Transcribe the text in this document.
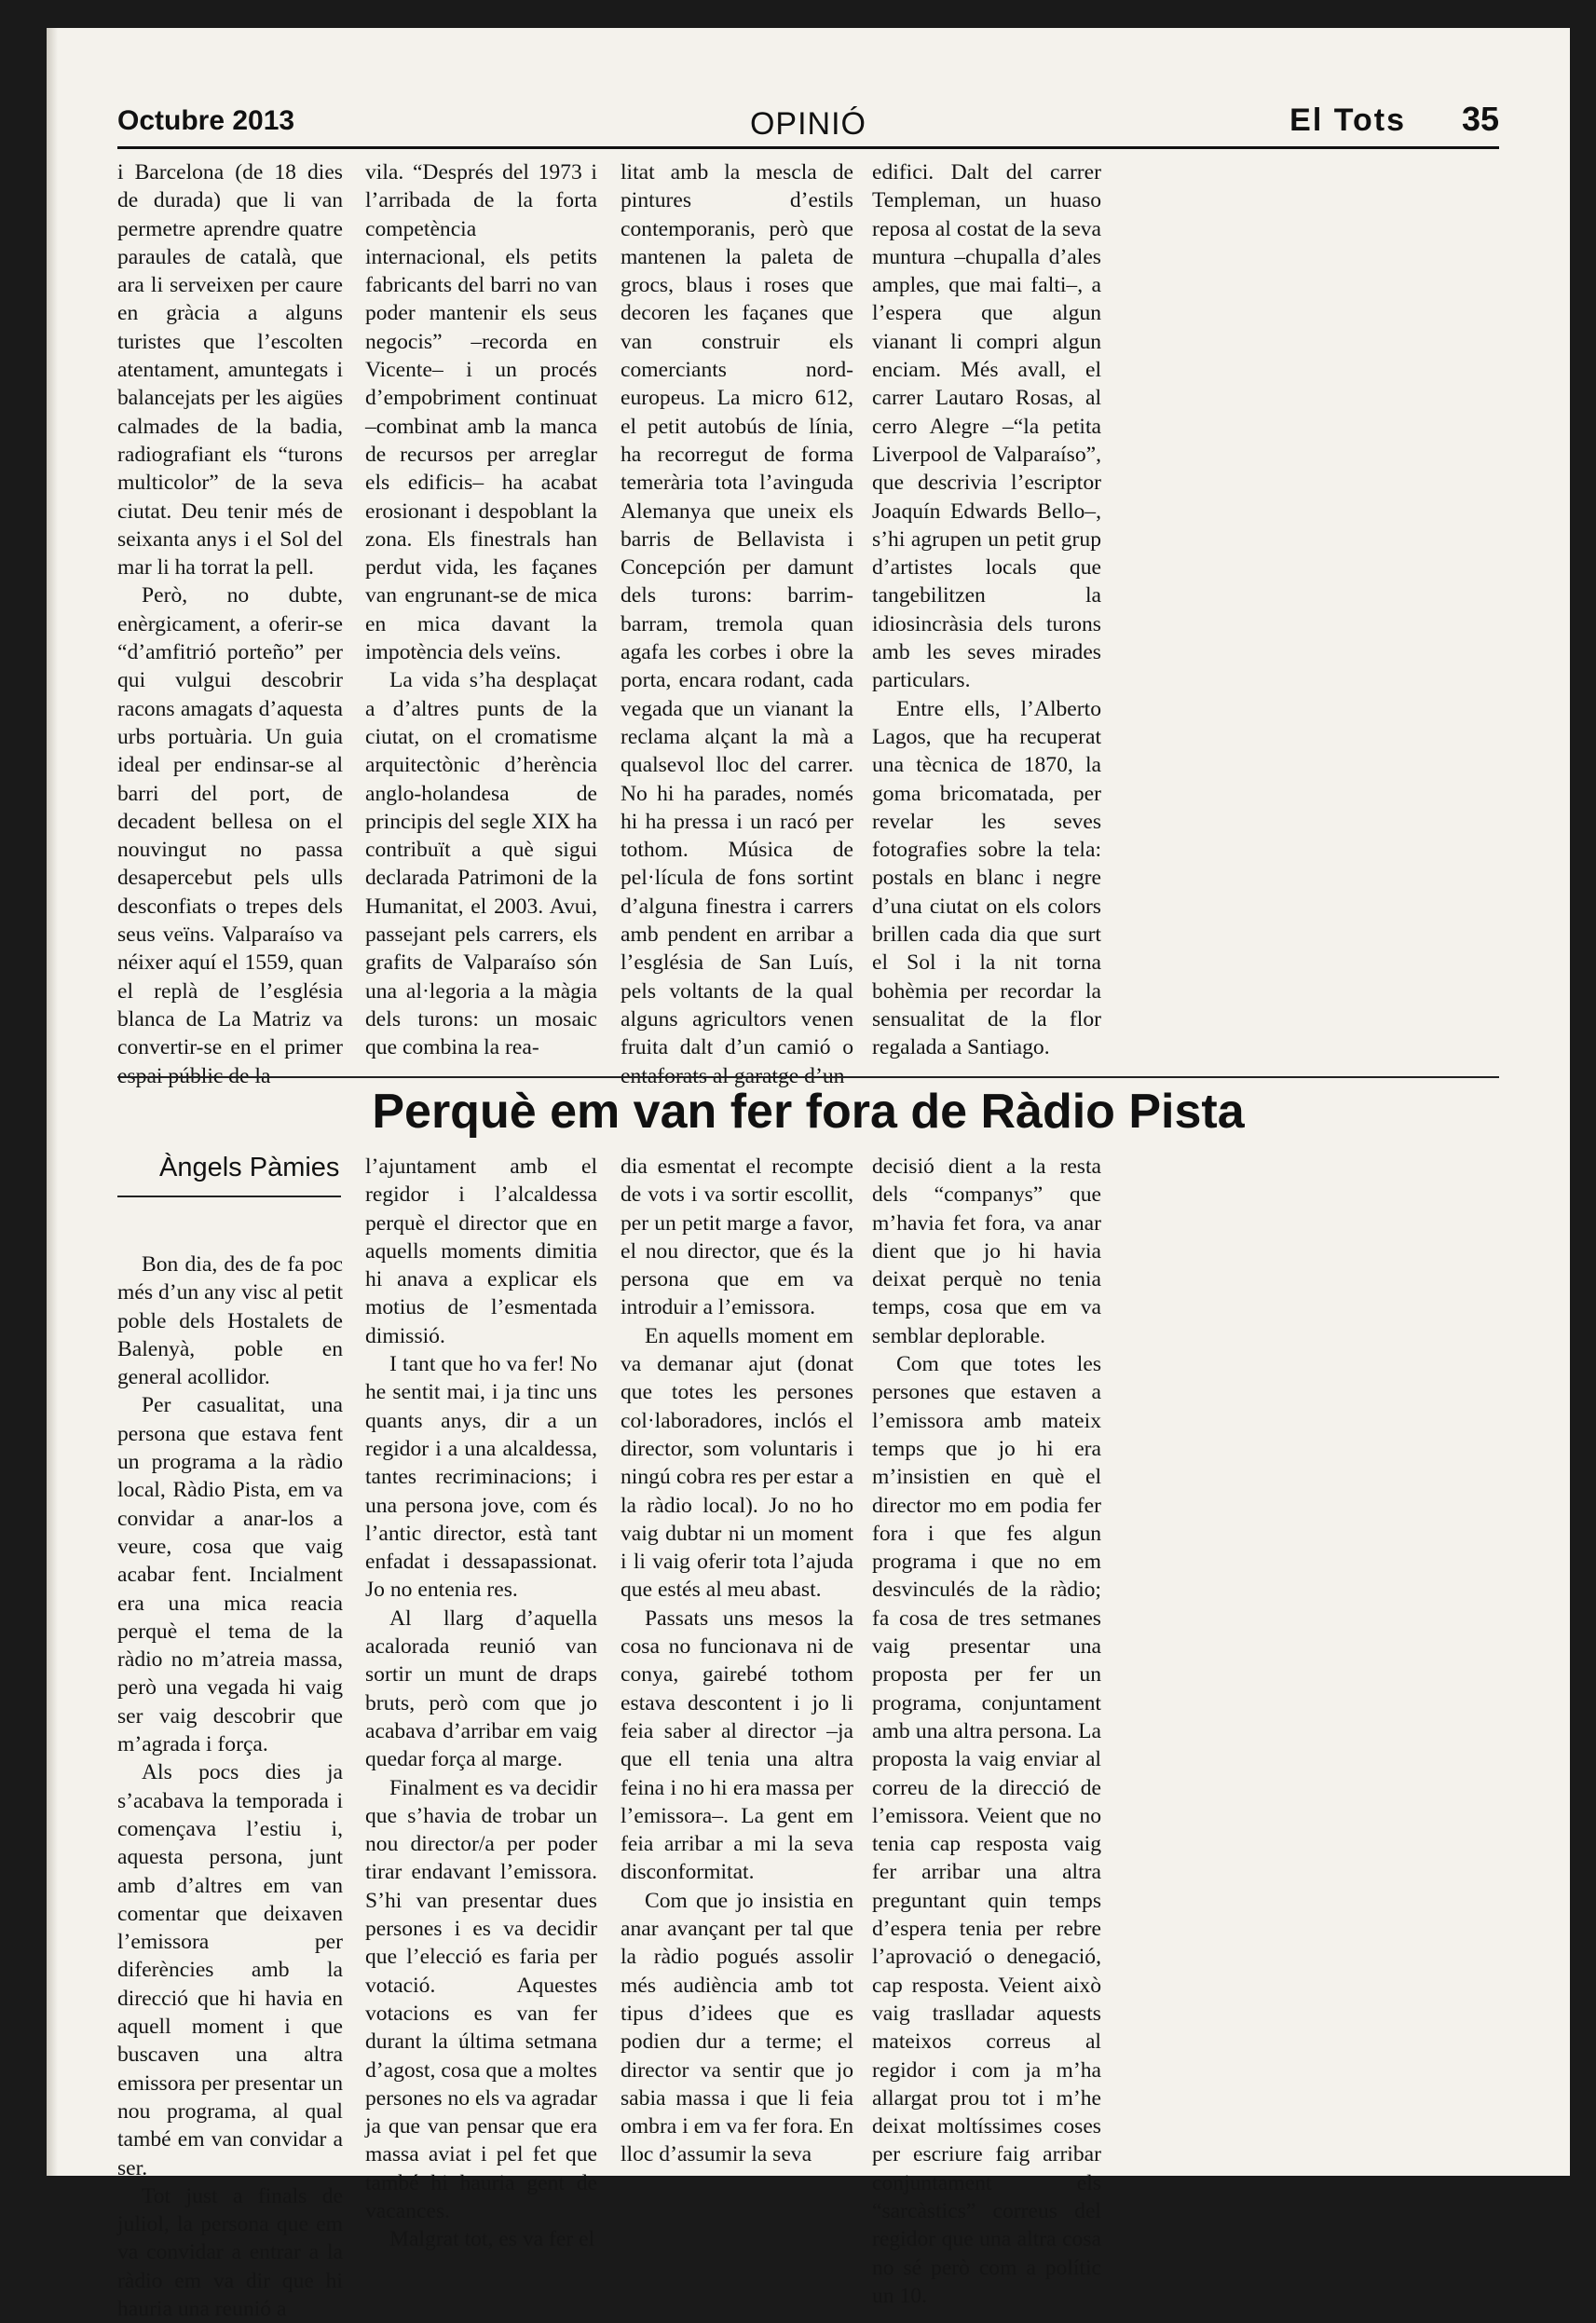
Octubre 2013	OPINIÓ	El Tots 35

i Barcelona (de 18 dies de durada) que li van permetre aprendre quatre paraules de català, que ara li serveixen per caure en gràcia a alguns turistes que l’escolten atentament, amuntegats i balancejats per les aigües calmades de la badia, radiografiant els “turons multicolor” de la seva ciutat. Deu tenir més de seixanta anys i el Sol del mar li ha torrat la pell.

Però, no dubte, enèrgicament, a oferir-se “d’amfitrió porteño” per qui vulgui descobrir racons amagats d’aquesta urbs portuària. Un guia ideal per endinsar-se al barri del port, de decadent bellesa on el nouvingut no passa desapercebut pels ulls desconfiats o trepes dels seus veïns. Valparaíso va néixer aquí el 1559, quan el replà de l’església blanca de La Matriz va convertir-se en el primer espai públic de la

vila. “Després del 1973 i l’arribada de la forta competència internacional, els petits fabricants del barri no van poder mantenir els seus negocis” –recorda en Vicente– i un procés d’empobriment continuat –combinat amb la manca de recursos per arreglar els edificis– ha acabat erosionant i despoblant la zona. Els finestrals han perdut vida, les façanes van engrunant-se de mica en mica davant la impotència dels veïns.

La vida s’ha desplaçat a d’altres punts de la ciutat, on el cromatisme arquitectònic d’herència anglo-holandesa de principis del segle XIX ha contribuït a què sigui declarada Patrimoni de la Humanitat, el 2003. Avui, passejant pels carrers, els grafits de Valparaíso són una al·legoria a la màgia dels turons: un mosaic que combina la rea-

litat amb la mescla de pintures d’estils contemporanis, però que mantenen la paleta de grocs, blaus i roses que decoren les façanes que van construir els comerciants nord-europeus. La micro 612, el petit autobús de línia, ha recorregut de forma temerària tota l’avinguda Alemanya que uneix els barris de Bellavista i Concepción per damunt dels turons: barrim-barram, tremola quan agafa les corbes i obre la porta, encara rodant, cada vegada que un vianant la reclama alçant la mà a qualsevol lloc del carrer. No hi ha parades, només hi ha pressa i un racó per tothom. Música de pel·lícula de fons sortint d’alguna finestra i carrers amb pendent en arribar a l’església de San Luís, pels voltants de la qual alguns agricultors venen fruita dalt d’un camió o entaforats al garatge d’un

edifici. Dalt del carrer Templeman, un huaso reposa al costat de la seva muntura –chupalla d’ales amples, que mai falti–, a l’espera que algun vianant li compri algun enciam. Més avall, el carrer Lautaro Rosas, al cerro Alegre –“la petita Liverpool de Valparaíso”, que descrivia l’escriptor Joaquín Edwards Bello–, s’hi agrupen un petit grup d’artistes locals que tangebilitzen la idiosincràsia dels turons amb les seves mirades particulars.

Entre ells, l’Alberto Lagos, que ha recuperat una tècnica de 1870, la goma bricomatada, per revelar les seves fotografies sobre la tela: postals en blanc i negre d’una ciutat on els colors brillen cada dia que surt el Sol i la nit torna bohèmia per recordar la sensualitat de la flor regalada a Santiago.

Perquè em van fer fora de Ràdio Pista
Àngels Pàmies

Bon dia, des de fa poc més d’un any visc al petit poble dels Hostalets de Balenyà, poble en general acollidor.

Per casualitat, una persona que estava fent un programa a la ràdio local, Ràdio Pista, em va convidar a anar-los a veure, cosa que vaig acabar fent. Incialment era una mica reacia perquè el tema de la ràdio no m’atreia massa, però una vegada hi vaig ser vaig descobrir que m’agrada i força.

Als pocs dies ja s’acabava la temporada i començava l’estiu i, aquesta persona, junt amb d’altres em van comentar que deixaven l’emissora per diferències amb la direcció que hi havia en aquell moment i que buscaven una altra emissora per presentar un nou programa, al qual també em van convidar a ser.

Tot just a finals de juliol, la persona que em va convidar a entrar a la ràdio em va dir que hi hauria una reunió a

l’ajuntament amb el regidor i l’alcaldessa perquè el director que en aquells moments dimitia hi anava a explicar els motius de l’esmentada dimissió.

I tant que ho va fer! No he sentit mai, i ja tinc uns quants anys, dir a un regidor i a una alcaldessa, tantes recriminacions; i una persona jove, com és l’antic director, està tant enfadat i dessapassionat. Jo no entenia res.

Al llarg d’aquella acalorada reunió van sortir un munt de draps bruts, però com que jo acabava d’arribar em vaig quedar força al marge.

Finalment es va decidir que s’havia de trobar un nou director/a per poder tirar endavant l’emissora. S’hi van presentar dues persones i es va decidir que l’elecció es faria per votació. Aquestes votacions es van fer durant la última setmana d’agost, cosa que a moltes persones no els va agradar ja que van pensar que era massa aviat i pel fet que també hi hauria gent de vacances.

Malgrat tot, es va fer el

dia esmentat el recompte de vots i va sortir escollit, per un petit marge a favor, el nou director, que és la persona que em va introduir a l’emissora.

En aquells moment em va demanar ajut (donat que totes les persones col·laboradores, inclós el director, som voluntaris i ningú cobra res per estar a la ràdio local). Jo no ho vaig dubtar ni un moment i li vaig oferir tota l’ajuda que estés al meu abast.

Passats uns mesos la cosa no funcionava ni de conya, gairebé tothom estava descontent i jo li feia saber al director –ja que ell tenia una altra feina i no hi era massa per l’emissora–. La gent em feia arribar a mi la seva disconformitat.

Com que jo insistia en anar avançant per tal que la ràdio pogués assolir més audiència amb tot tipus d’idees que es podien dur a terme; el director va sentir que jo sabia massa i que li feia ombra i em va fer fora. En lloc d’assumir la seva

decisió dient a la resta dels “companys” que m’havia fet fora, va anar dient que jo hi havia deixat perquè no tenia temps, cosa que em va semblar deplorable.

Com que totes les persones que estaven a l’emissora amb mateix temps que jo hi era m’insistien en què el director mo em podia fer fora i que fes algun programa i que no em desvinculés de la ràdio; fa cosa de tres setmanes vaig presentar una proposta per fer un programa, conjuntament amb una altra persona. La proposta la vaig enviar al correu de la direcció de l’emissora. Veient que no tenia cap resposta vaig fer arribar una altra preguntant quin temps d’espera tenia per rebre l’aprovació o denegació, cap resposta. Veient això vaig traslladar aquests mateixos correus al regidor i com ja m’ha allargat prou tot i m’he deixat moltíssimes coses per escriure faig arribar conjuntament els “sarcàstics” correus del regidor que una altra cosa no sé però com a polític un 10.
